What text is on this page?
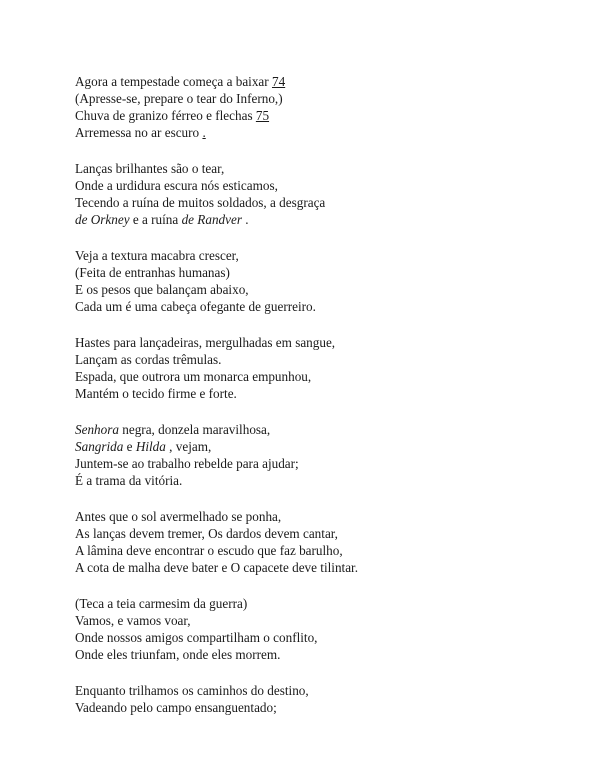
Agora a tempestade começa a baixar 74
(Apresse-se, prepare o tear do Inferno,)
Chuva de granizo férreo e flechas 75
Arremessa no ar escuro .
Lanças brilhantes são o tear,
Onde a urdidura escura nós esticamos,
Tecendo a ruína de muitos soldados, a desgraça
de Orkney e a ruína de Randver .
Veja a textura macabra crescer,
(Feita de entranhas humanas)
E os pesos que balançam abaixo,
Cada um é uma cabeça ofegante de guerreiro.
Hastes para lançadeiras, mergulhadas em sangue,
Lançam as cordas trêmulas.
Espada, que outrora um monarca empunhou,
Mantém o tecido firme e forte.
Senhora negra, donzela maravilhosa,
Sangrida e Hilda , vejam,
Juntem-se ao trabalho rebelde para ajudar;
É a trama da vitória.
Antes que o sol avermelhado se ponha,
As lanças devem tremer, Os dardos devem cantar,
A lâmina deve encontrar o escudo que faz barulho,
A cota de malha deve bater e O capacete deve tilintar.
(Teca a teia carmesim da guerra)
Vamos, e vamos voar,
Onde nossos amigos compartilham o conflito,
Onde eles triunfam, onde eles morrem.
Enquanto trilhamos os caminhos do destino,
Vadeando pelo campo ensanguentado;
